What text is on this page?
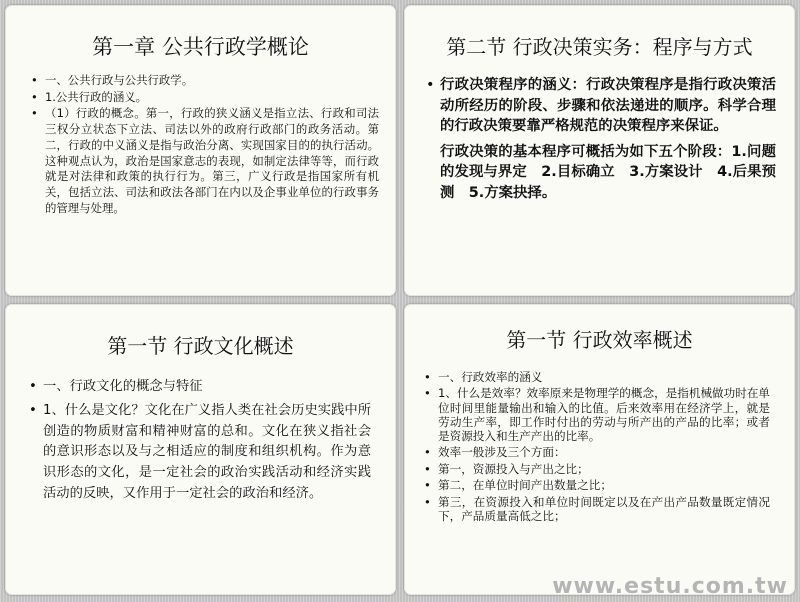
第一章 公共行政学概论
• 一、公共行政与公共行政学。
• 1.公共行政的涵义。
• （1）行政的概念。第一，行政的狭义涵义是指立法、行政和司法三权分立状态下立法、司法以外的政府行政部门的政务活动。第二，行政的中义涵义是指与政治分离、实现国家目的的执行活动。这种观点认为，政治是国家意志的表现，如制定法律等等，而行政就是对法律和政策的执行行为。第三，广义行政是指国家所有机关，包括立法、司法和政法各部门在内以及企事业单位的行政事务的管理与处理。
第二节 行政决策实务：程序与方式
• 行政决策程序的涵义：行政决策程序是指行政决策活动所经历的阶段、步骤和依法递进的顺序。科学合理的行政决策要靠严格规范的决策程序来保证。
行政决策的基本程序可概括为如下五个阶段：1.问题的发现与界定　2.目标确立　3.方案设计　4.后果预测　5.方案抉择。
第一节 行政文化概述
• 一、行政文化的概念与特征
• 1、什么是文化？文化在广义指人类在社会历史实践中所创造的物质财富和精神财富的总和。文化在狭义指社会的意识形态以及与之相适应的制度和组织机构。作为意识形态的文化，是一定社会的政治实践活动和经济实践活动的反映，又作用于一定社会的政治和经济。
第一节 行政效率概述
• 一、行政效率的涵义
• 1、什么是效率？效率原来是物理学的概念，是指机械做功时在单位时间里能量输出和输入的比值。后来效率用在经济学上，就是劳动生产率，即工作时付出的劳动与所产出的产品的比率；或者是资源投入和生产产出的比率。
• 效率一般涉及三个方面：
• 第一，资源投入与产出之比；
• 第二，在单位时间产出数量之比；
• 第三，在资源投入和单位时间既定以及在产出产品数量既定情况下，产品质量高低之比；
www.estu.com.tw
